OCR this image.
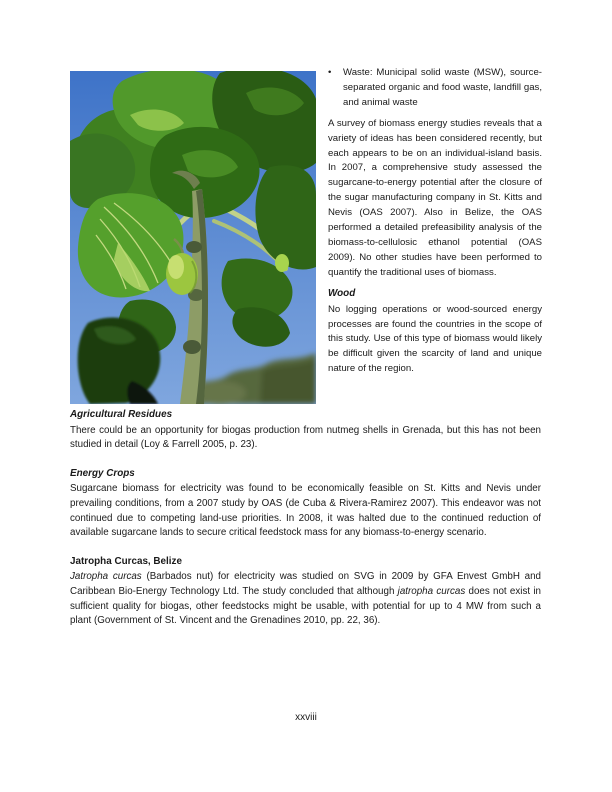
•	Waste: Municipal solid waste (MSW), source-separated organic and food waste, landfill gas, and animal waste

A survey of biomass energy studies reveals that a variety of ideas has been considered recently, but each appears to be on an individual-island basis. In 2007, a comprehensive study assessed the sugarcane-to-energy potential after the closure of the sugar manufacturing company in St. Kitts and Nevis (OAS 2007). Also in Belize, the OAS performed a detailed prefeasibility analysis of the biomass-to-cellulosic ethanol potential (OAS 2009). No other studies have been performed to quantify the traditional uses of biomass.

Wood

No logging operations or wood-sourced energy processes are found the countries in the scope of this study. Use of this type of biomass would likely be difficult given the scarcity of land and unique nature of the region.

Agricultural Residues

There could be an opportunity for biogas production from nutmeg shells in Grenada, but this has not been studied in detail (Loy & Farrell 2005, p. 23).

Energy Crops

Sugarcane biomass for electricity was found to be economically feasible on St. Kitts and Nevis under prevailing conditions, from a 2007 study by OAS (de Cuba & Rivera-Ramirez 2007). This endeavor was not continued due to competing land-use priorities. In 2008, it was halted due to the continued reduction of available sugarcane lands to secure critical feedstock mass for any biomass-to-energy scenario.

Jatropha Curcas, Belize

Jatropha curcas (Barbados nut) for electricity was studied on SVG in 2009 by GFA Envest GmbH and Caribbean Bio-Energy Technology Ltd. The study concluded that although jatropha curcas does not exist in sufficient quality for biogas, other feedstocks might be usable, with potential for up to 4 MW from such a plant (Government of St. Vincent and the Grenadines 2010, pp. 22, 36).

xxviii
